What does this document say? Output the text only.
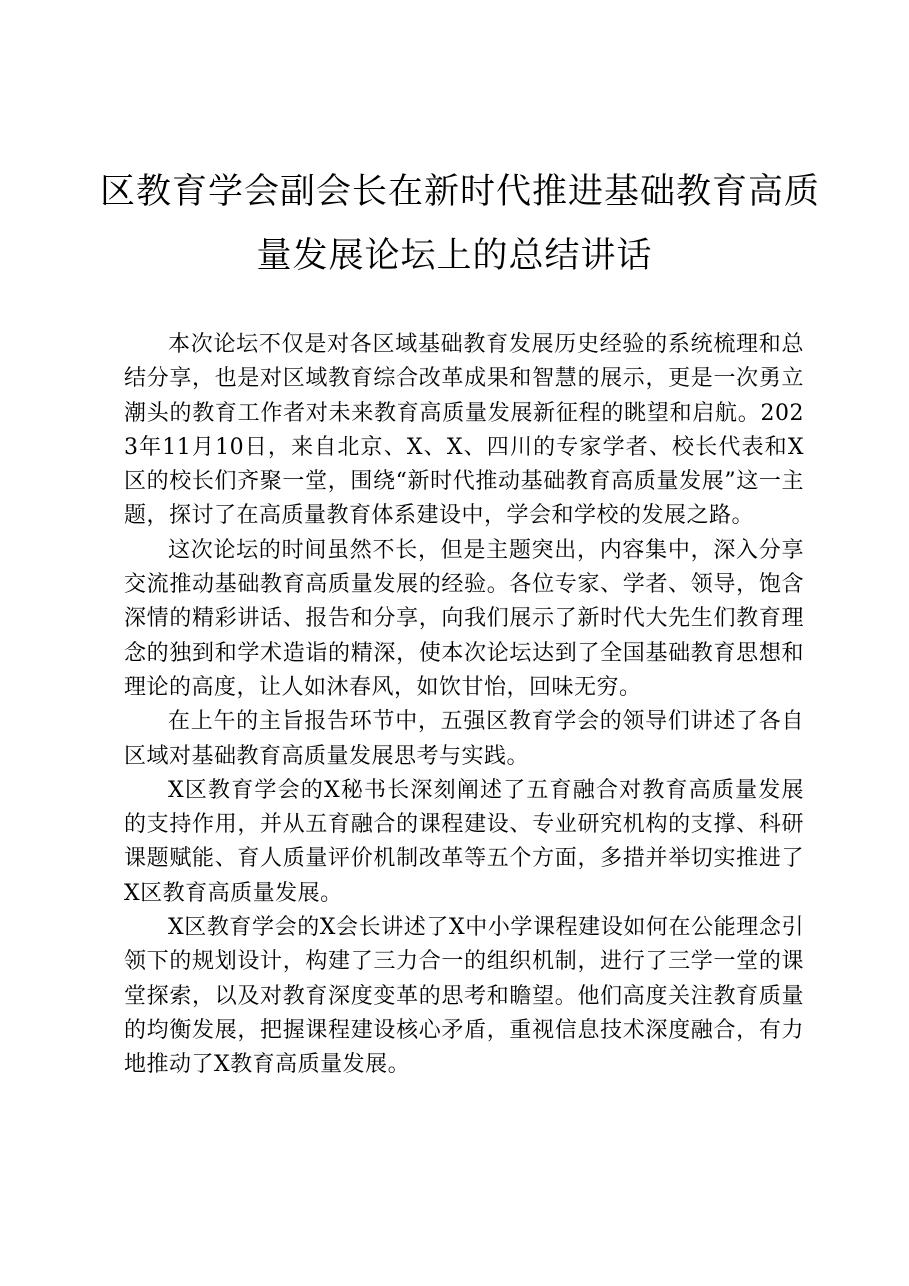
区教育学会副会长在新时代推进基础教育高质
量发展论坛上的总结讲话

本次论坛不仅是对各区域基础教育发展历史经验的系统梳理和总结分享，也是对区域教育综合改革成果和智慧的展示，更是一次勇立潮头的教育工作者对未来教育高质量发展新征程的眺望和启航。2023年11月10日，来自北京、X、X、四川的专家学者、校长代表和X区的校长们齐聚一堂，围绕“新时代推动基础教育高质量发展”这一主题，探讨了在高质量教育体系建设中，学会和学校的发展之路。

这次论坛的时间虽然不长，但是主题突出，内容集中，深入分享交流推动基础教育高质量发展的经验。各位专家、学者、领导，饱含深情的精彩讲话、报告和分享，向我们展示了新时代大先生们教育理念的独到和学术造诣的精深，使本次论坛达到了全国基础教育思想和理论的高度，让人如沐春风，如饮甘怡，回味无穷。

在上午的主旨报告环节中，五强区教育学会的领导们讲述了各自区域对基础教育高质量发展思考与实践。

X区教育学会的X秘书长深刻阐述了五育融合对教育高质量发展的支持作用，并从五育融合的课程建设、专业研究机构的支撑、科研课题赋能、育人质量评价机制改革等五个方面，多措并举切实推进了X区教育高质量发展。

X区教育学会的X会长讲述了X中小学课程建设如何在公能理念引领下的规划设计，构建了三力合一的组织机制，进行了三学一堂的课堂探索，以及对教育深度变革的思考和瞻望。他们高度关注教育质量的均衡发展，把握课程建设核心矛盾，重视信息技术深度融合，有力地推动了X教育高质量发展。
